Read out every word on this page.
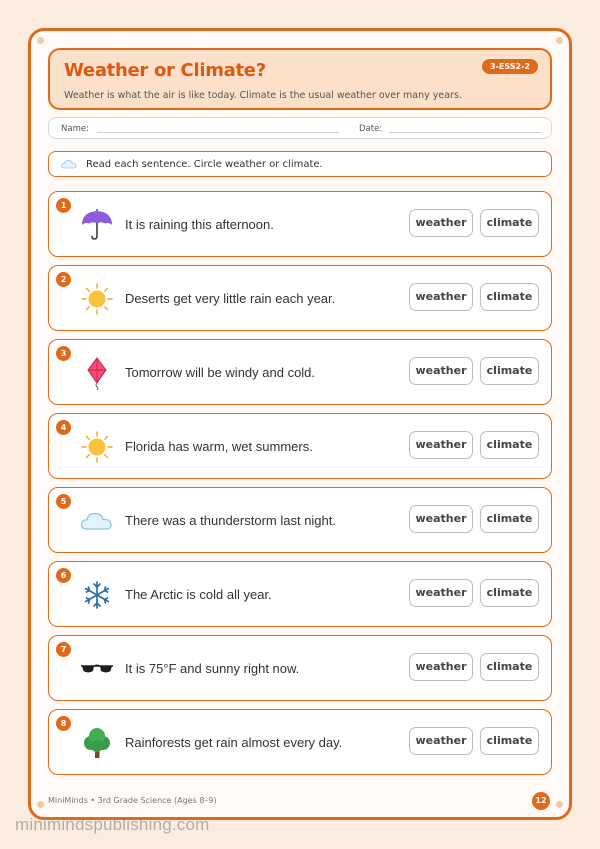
Weather or Climate?
Weather is what the air is like today. Climate is the usual weather over many years.
3-ESS2-2
Name:	Date:
Read each sentence. Circle weather or climate.
1
It is raining this afternoon.	weather	climate
2
Deserts get very little rain each year.	weather	climate
3
Tomorrow will be windy and cold.	weather	climate
4
Florida has warm, wet summers.	weather	climate
5
There was a thunderstorm last night.	weather	climate
6
The Arctic is cold all year.	weather	climate
7
It is 75°F and sunny right now.	weather	climate
8
Rainforests get rain almost every day.	weather	climate
MiniMinds • 3rd Grade Science (Ages 8–9)	12
minimindspublishing.com
